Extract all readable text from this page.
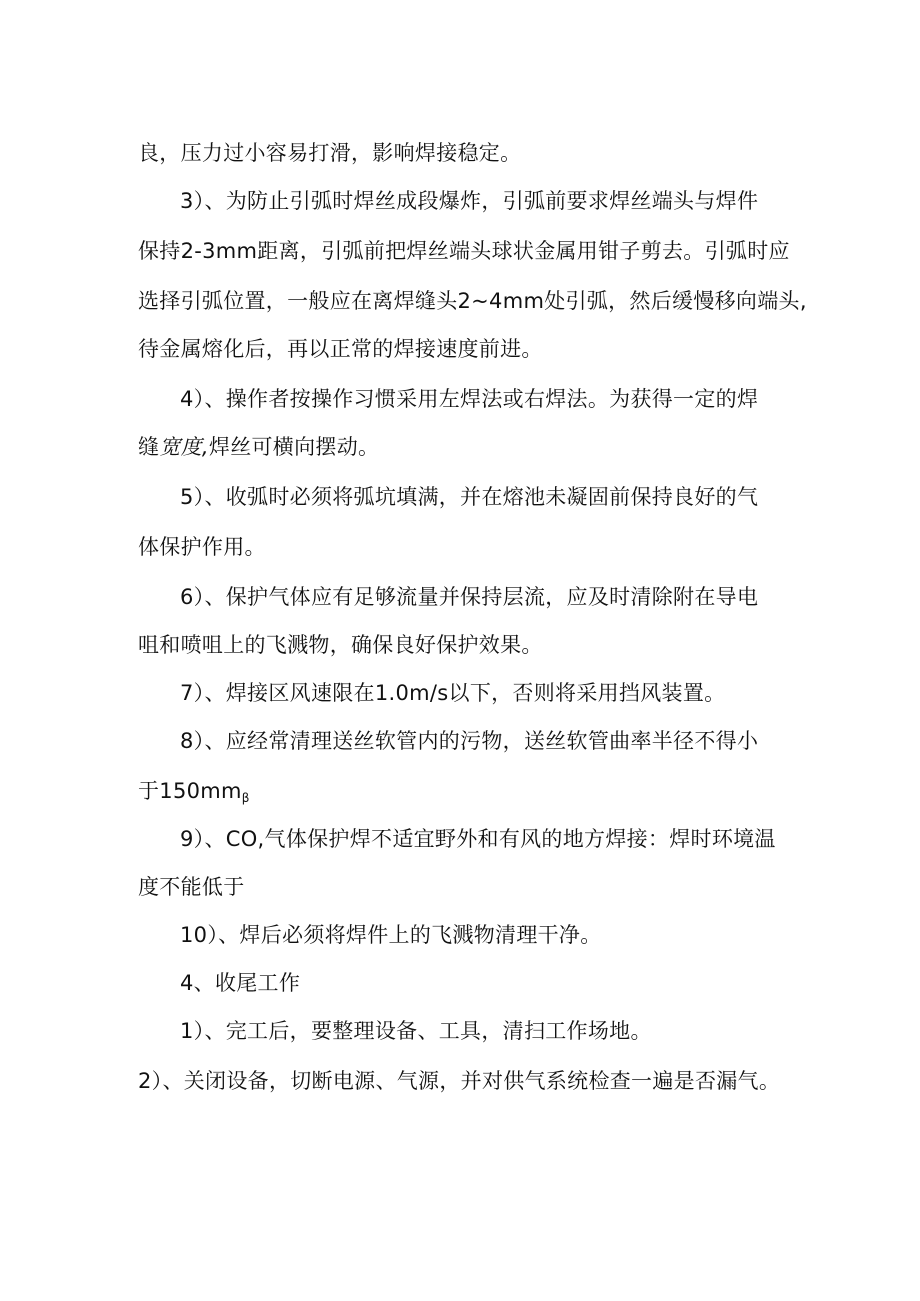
良，压力过小容易打滑，影响焊接稳定。
3）、为防止引弧时焊丝成段爆炸，引弧前要求焊丝端头与焊件
保持2-3mm距离，引弧前把焊丝端头球状金属用钳子剪去。引弧时应
选择引弧位置，一般应在离焊缝头2~4mm处引弧，然后缓慢移向端头,
待金属熔化后，再以正常的焊接速度前进。
4）、操作者按操作习惯采用左焊法或右焊法。为获得一定的焊
缝宽度,焊丝可横向摆动。
5）、收弧时必须将弧坑填满，并在熔池未凝固前保持良好的气
体保护作用。
6）、保护气体应有足够流量并保持层流，应及时清除附在导电
咀和喷咀上的飞溅物，确保良好保护效果。
7）、焊接区风速限在1.0m/s以下，否则将采用挡风装置。
8）、应经常清理送丝软管内的污物，送丝软管曲率半径不得小
于$150mm_\beta$
9）、CO,气体保护焊不适宜野外和有风的地方焊接：焊时环境温
度不能低于
10）、焊后必须将焊件上的飞溅物清理干净。
4、收尾工作
1）、完工后，要整理设备、工具，清扫工作场地。
2）、关闭设备，切断电源、气源，并对供气系统检查一遍是否漏气。
